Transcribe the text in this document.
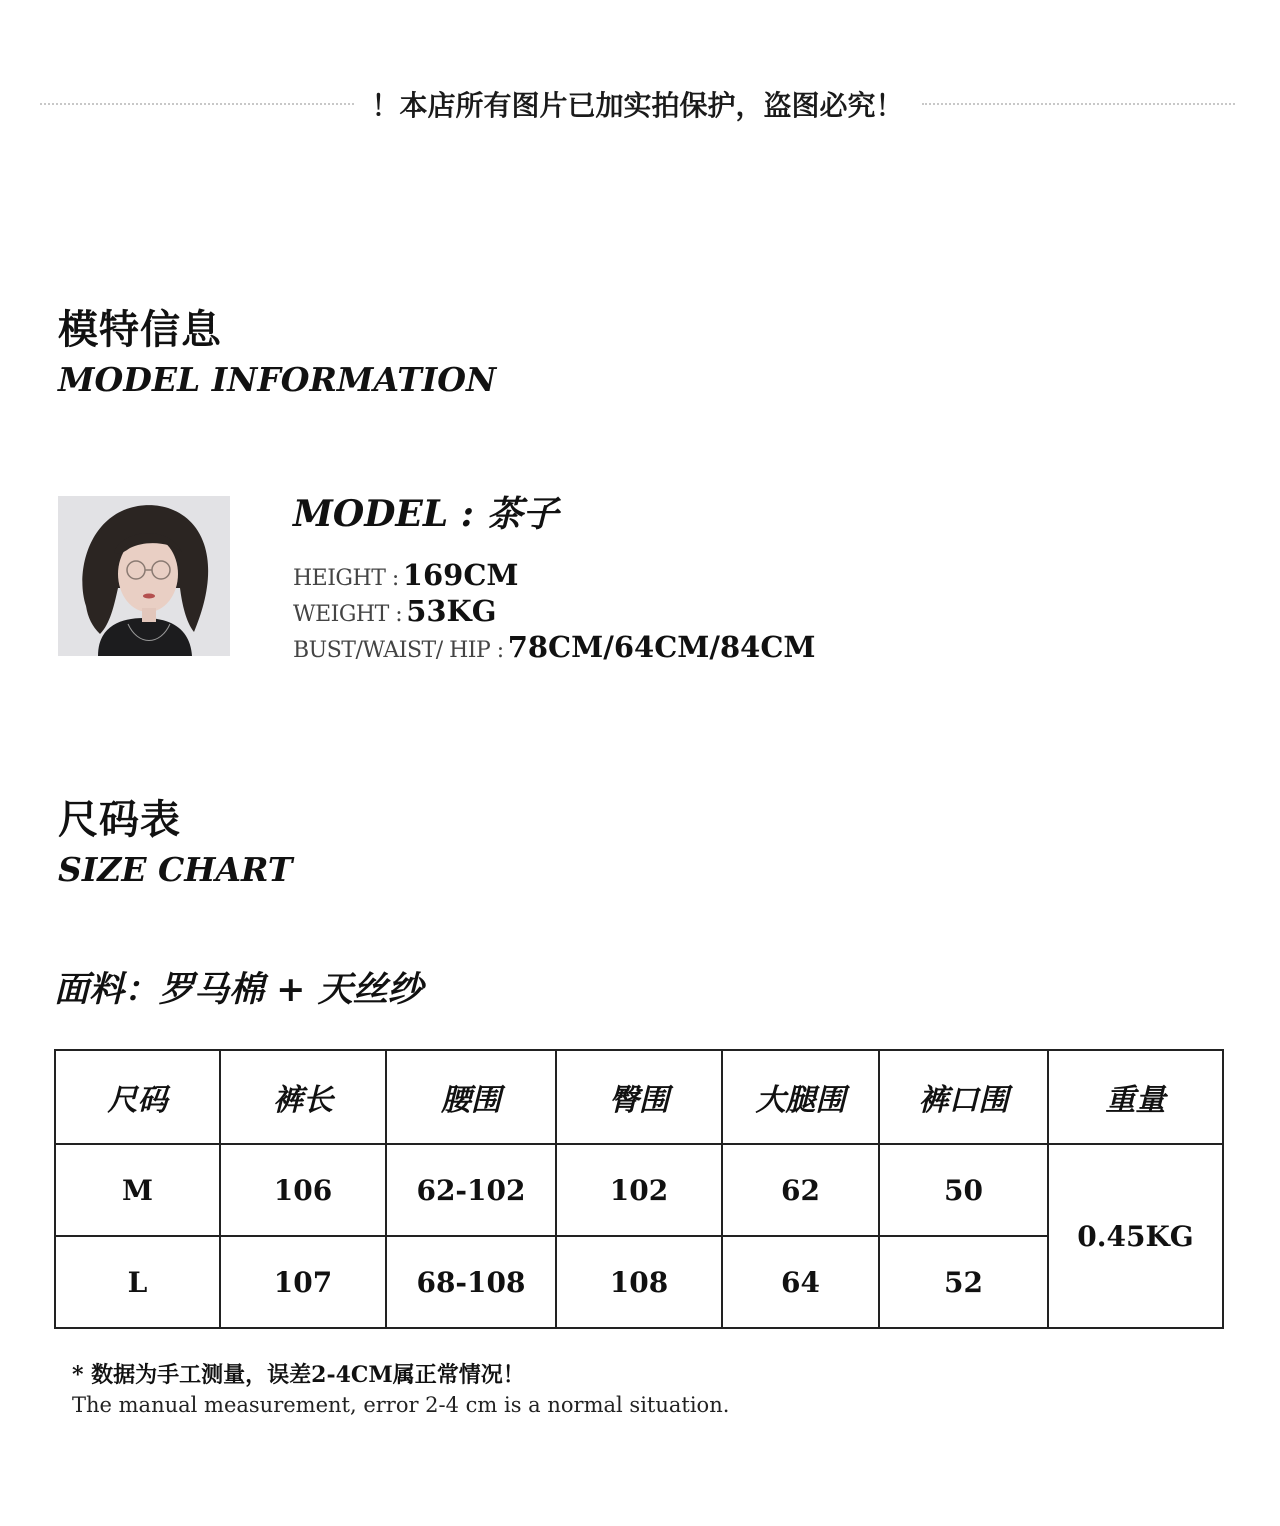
！本店所有图片已加实拍保护，盗图必究！
模特信息
MODEL INFORMATION
MODEL : 茶子
HEIGHT : 169CM
WEIGHT : 53KG
BUST/WAIST/ HIP : 78CM/64CM/84CM
尺码表
SIZE CHART
面料：罗马棉 + 天丝纱
尺码	裤长	腰围	臀围	大腿围	裤口围	重量
M	106	62-102	102	62	50	0.45KG
L	107	68-108	108	64	52	
* 数据为手工测量，误差2-4CM属正常情况！
The manual measurement, error 2-4 cm is a normal situation.
